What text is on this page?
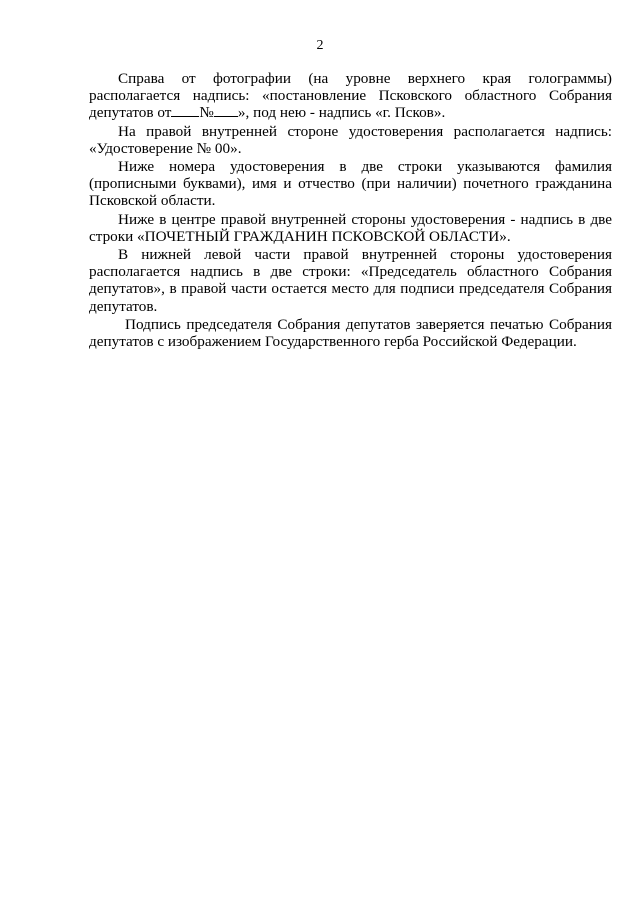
2

Справа от фотографии (на уровне верхнего края голограммы) располагается надпись: «постановление Псковского областного Собрания депутатов от № », под нею - надпись «г. Псков».

На правой внутренней стороне удостоверения располагается надпись: «Удостоверение № 00».

Ниже номера удостоверения в две строки указываются фамилия (прописными буквами), имя и отчество (при наличии) почетного гражданина Псковской области.

Ниже в центре правой внутренней стороны удостоверения - надпись в две строки «ПОЧЕТНЫЙ ГРАЖДАНИН ПСКОВСКОЙ ОБЛАСТИ».

В нижней левой части правой внутренней стороны удостоверения располагается надпись в две строки: «Председатель областного Собрания депутатов», в правой части остается место для подписи председателя Собрания депутатов.

Подпись председателя Собрания депутатов заверяется печатью Собрания депутатов с изображением Государственного герба Российской Федерации.
